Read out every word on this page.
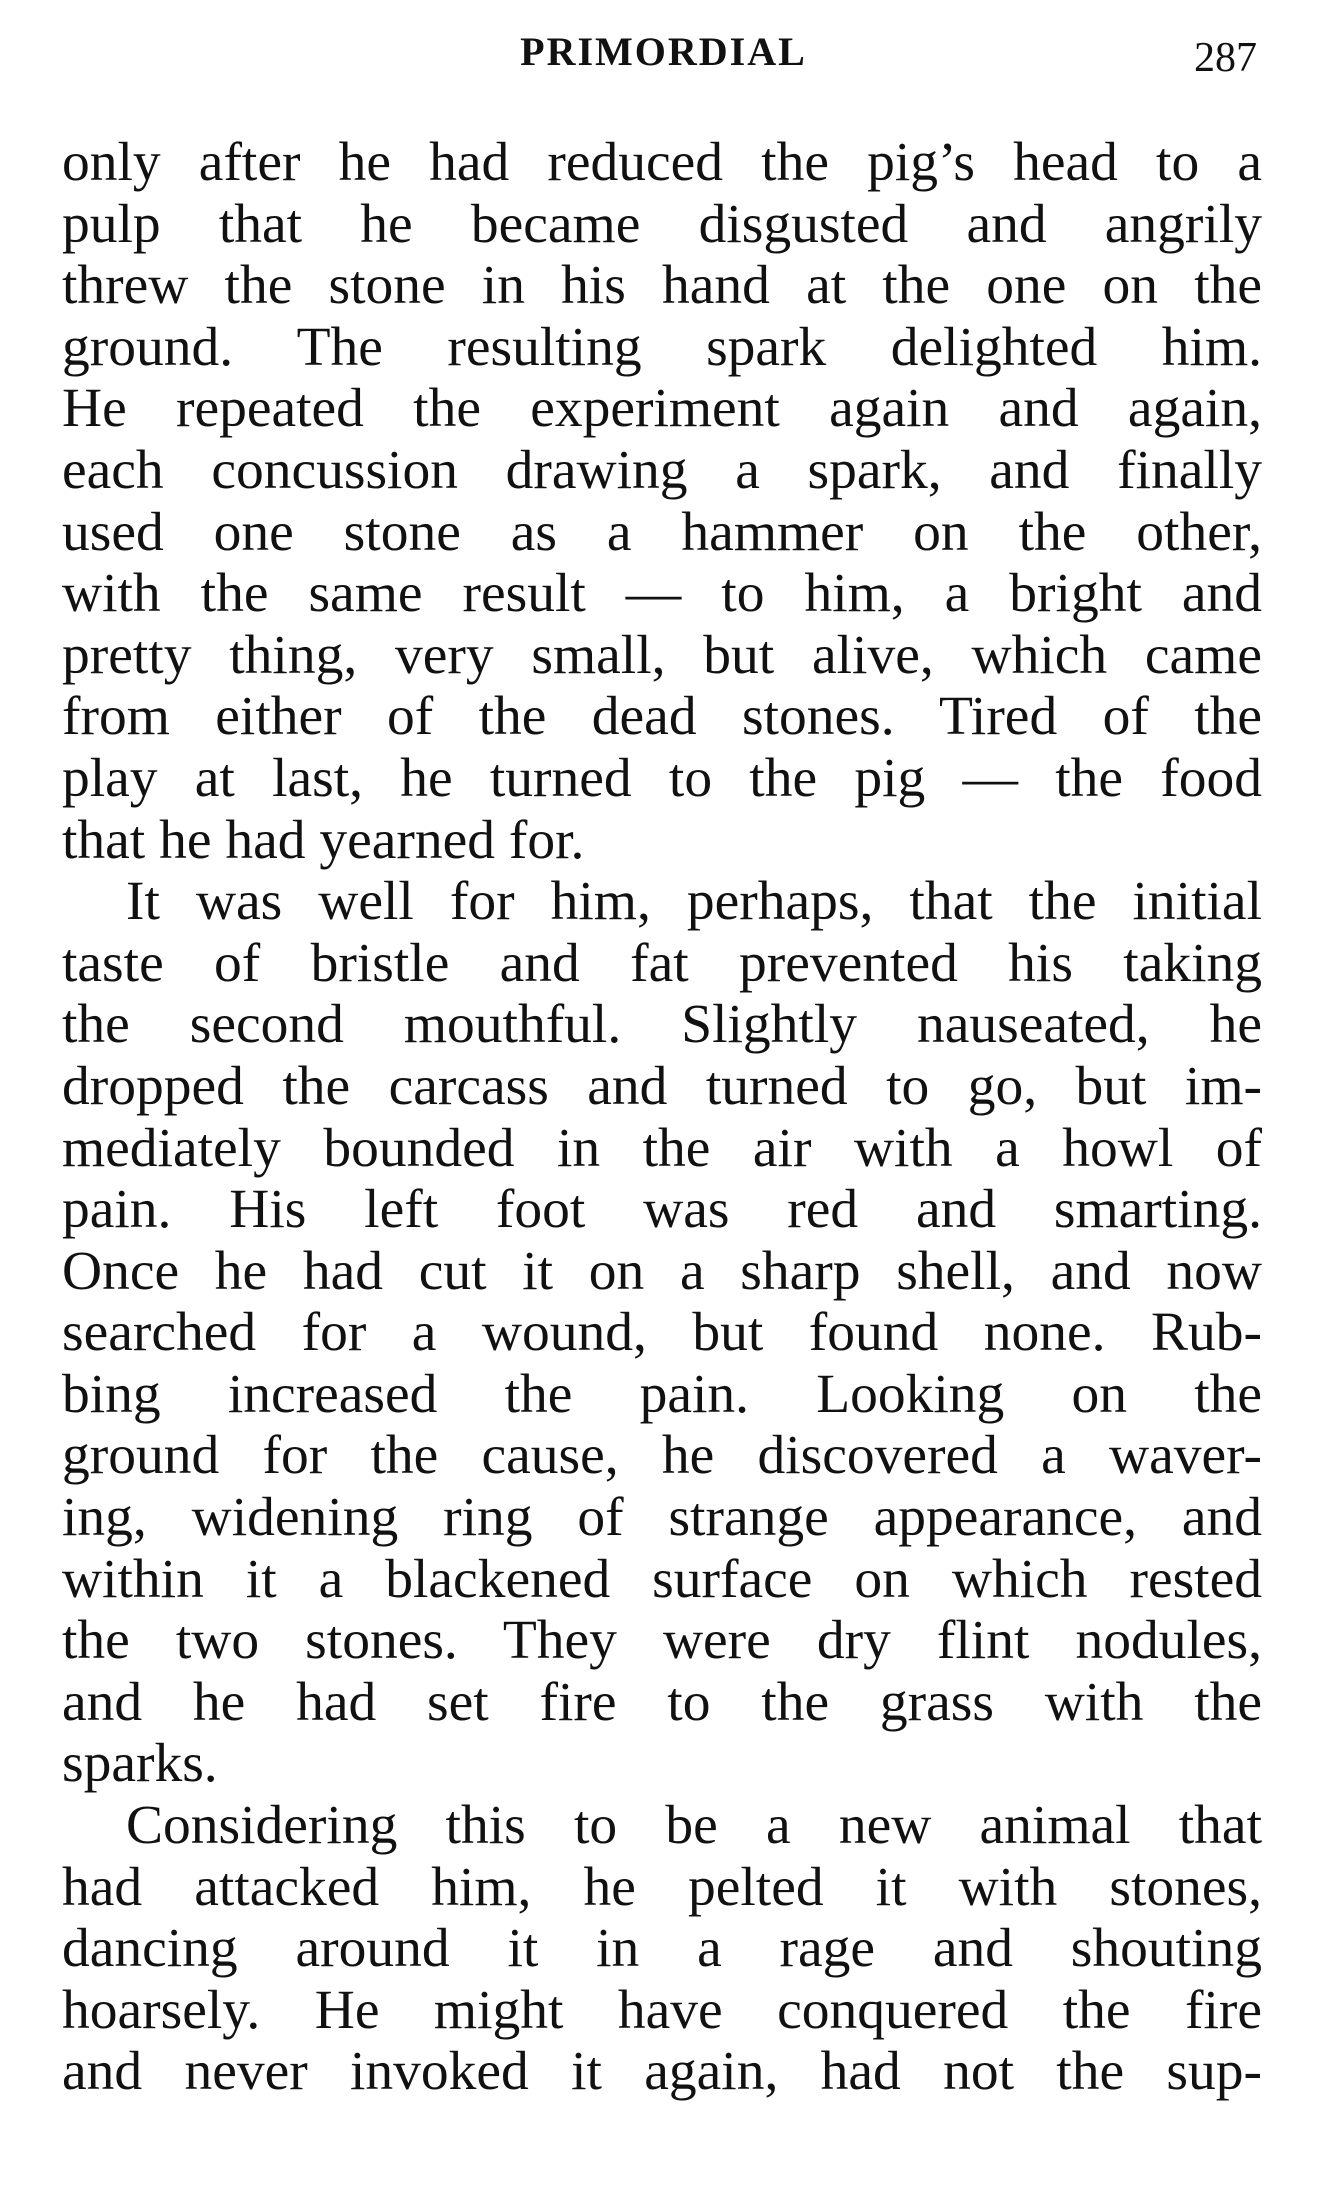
PRIMORDIAL	287
only after he had reduced the pig’s head to a
pulp that he became disgusted and angrily
threw the stone in his hand at the one on the
ground. The resulting spark delighted him.
He repeated the experiment again and again,
each concussion drawing a spark, and finally
used one stone as a hammer on the other,
with the same result — to him, a bright and
pretty thing, very small, but alive, which came
from either of the dead stones. Tired of the
play at last, he turned to the pig — the food
that he had yearned for.
It was well for him, perhaps, that the initial
taste of bristle and fat prevented his taking
the second mouthful. Slightly nauseated, he
dropped the carcass and turned to go, but im-
mediately bounded in the air with a howl of
pain. His left foot was red and smarting.
Once he had cut it on a sharp shell, and now
searched for a wound, but found none. Rub-
bing increased the pain. Looking on the
ground for the cause, he discovered a waver-
ing, widening ring of strange appearance, and
within it a blackened surface on which rested
the two stones. They were dry flint nodules,
and he had set fire to the grass with the
sparks.
Considering this to be a new animal that
had attacked him, he pelted it with stones,
dancing around it in a rage and shouting
hoarsely. He might have conquered the fire
and never invoked it again, had not the sup-
